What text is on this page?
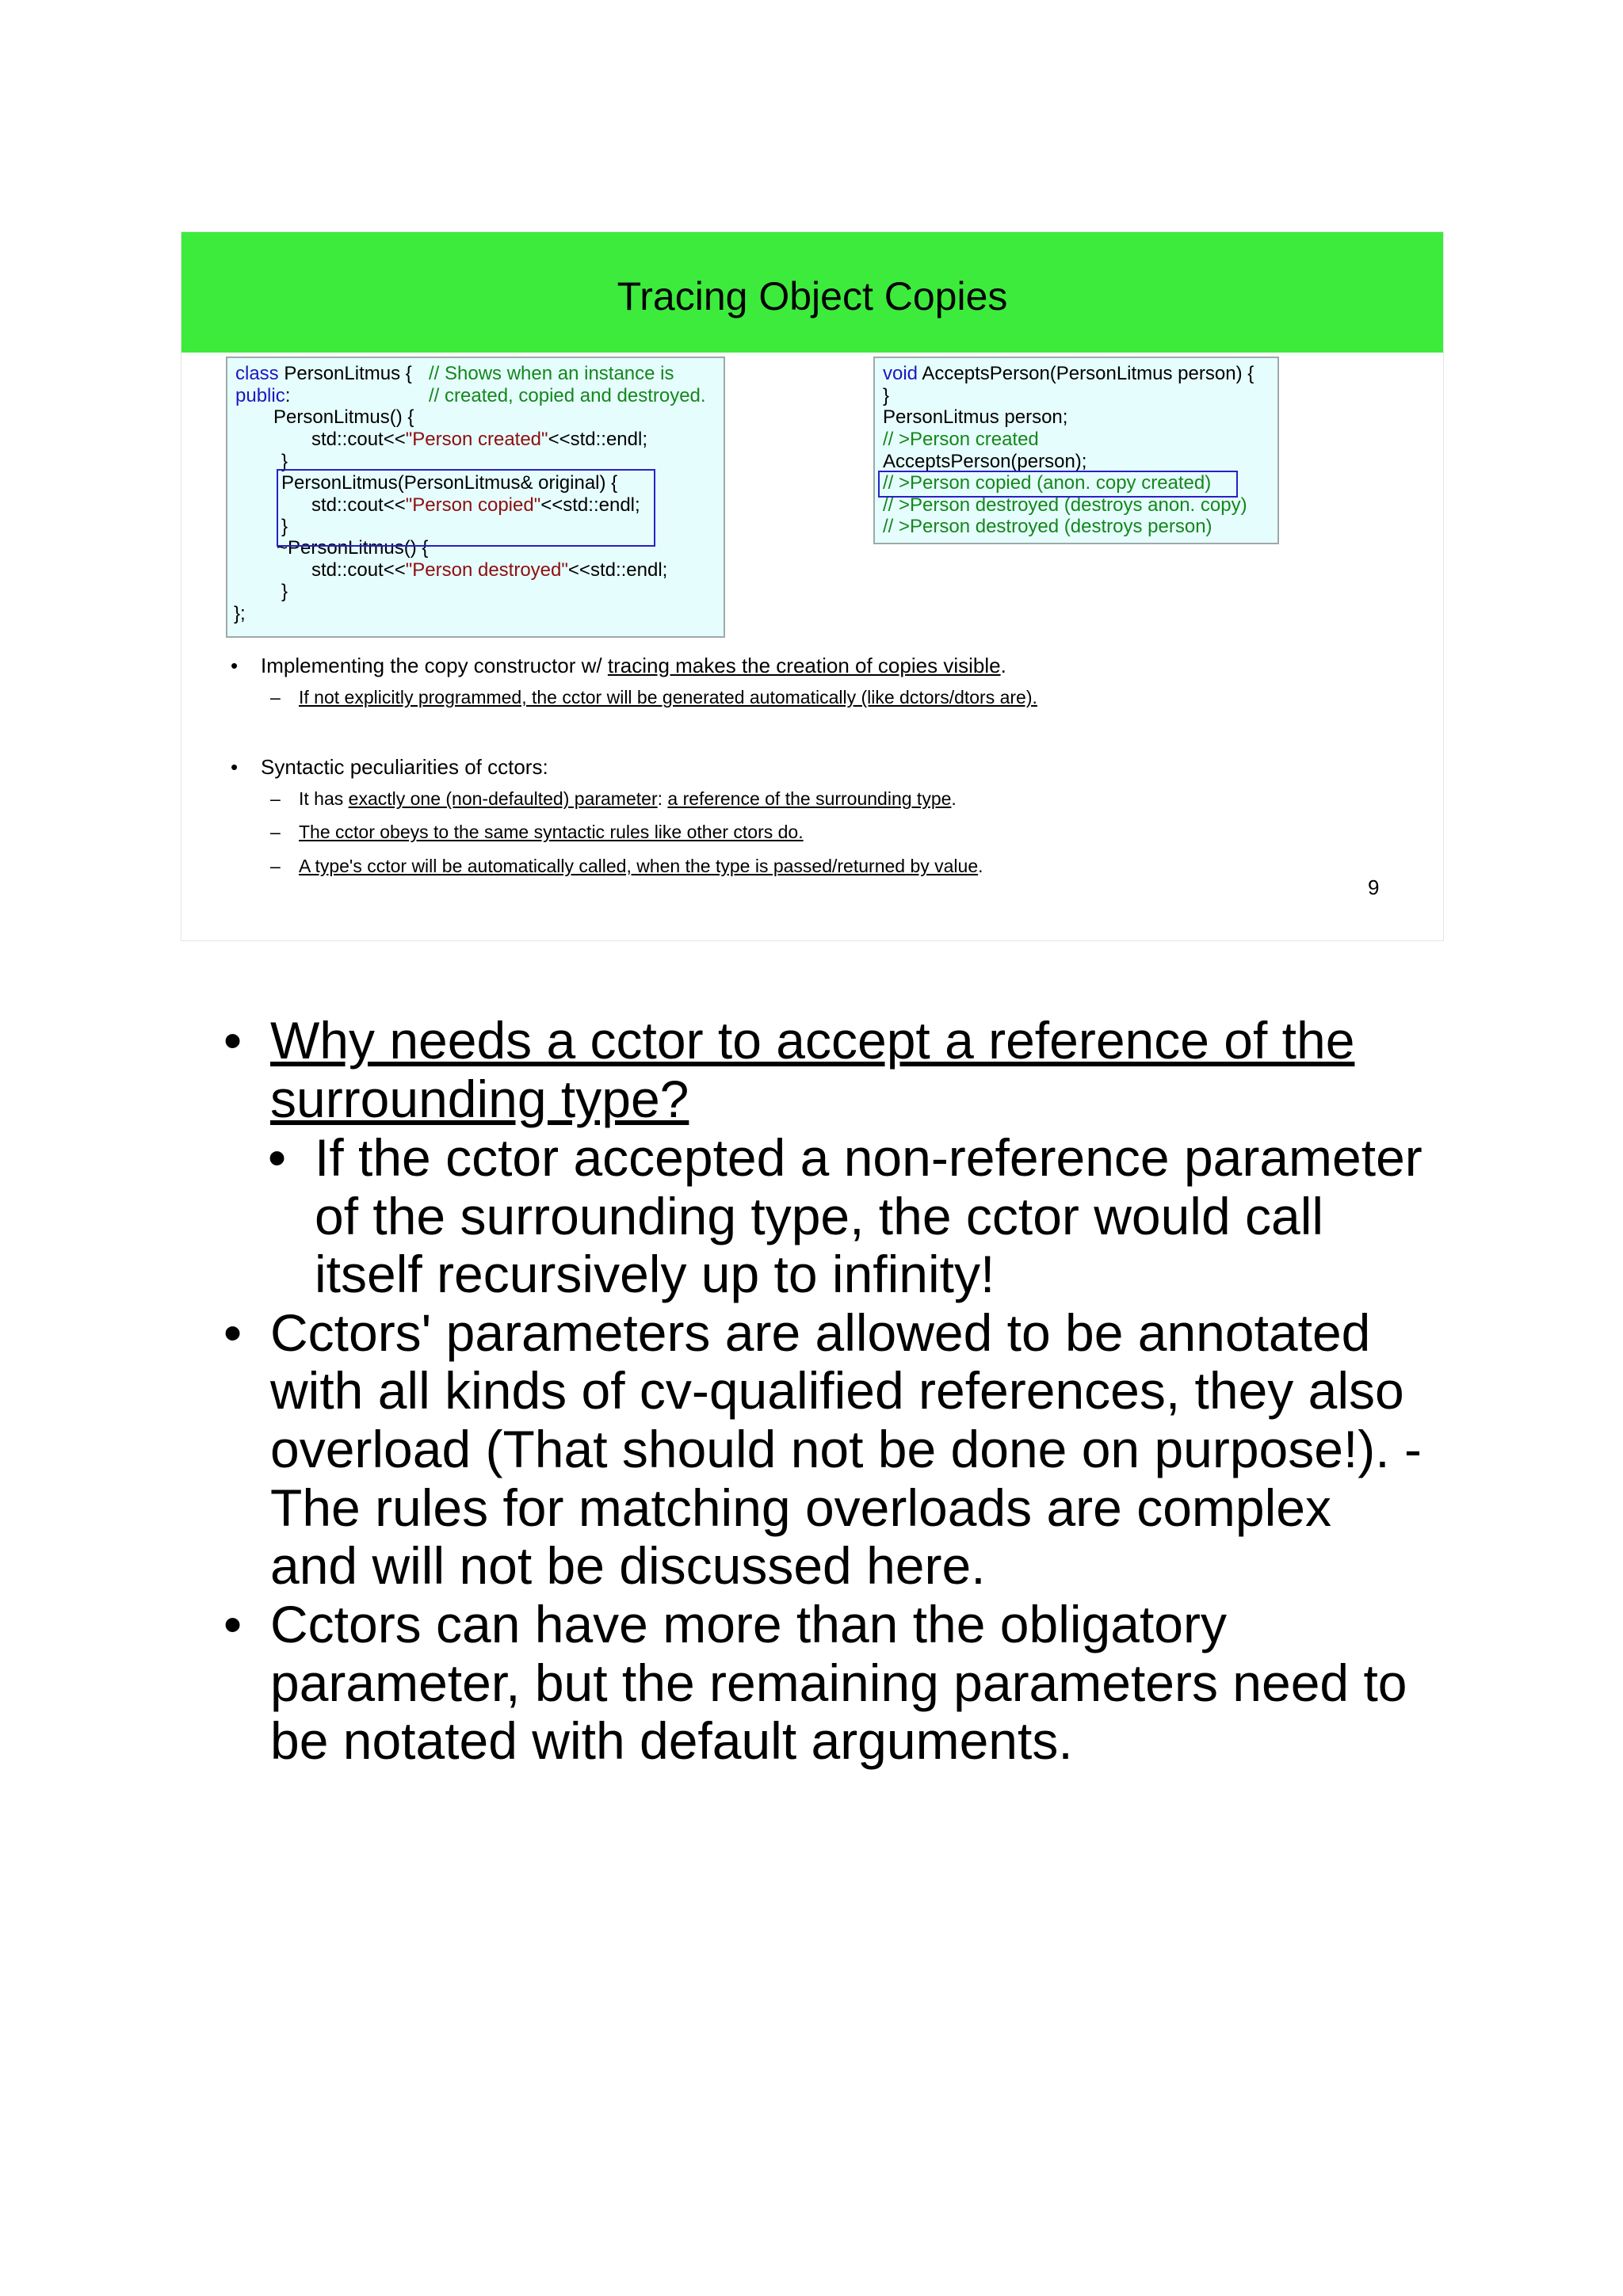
Tracing Object Copies
class PersonLitmus { // Shows when an instance is
public:	// created, copied and destroyed.
PersonLitmus() {
std::cout<<"Person created"<<std::endl;
}
PersonLitmus(PersonLitmus& original) {
std::cout<<"Person copied"<<std::endl;
}
~PersonLitmus() {
std::cout<<"Person destroyed"<<std::endl;
}
};
void AcceptsPerson(PersonLitmus person) {
}
PersonLitmus person;
// >Person created
AcceptsPerson(person);
// >Person copied (anon. copy created)
// >Person destroyed (destroys anon. copy)
// >Person destroyed (destroys person)
• Implementing the copy constructor w/ tracing makes the creation of copies visible.
– If not explicitly programmed, the cctor will be generated automatically (like dctors/dtors are).
• Syntactic peculiarities of cctors:
– It has exactly one (non-defaulted) parameter: a reference of the surrounding type.
– The cctor obeys to the same syntactic rules like other ctors do.
– A type's cctor will be automatically called, when the type is passed/returned by value.
9
• Why needs a cctor to accept a reference of the
surrounding type?
• If the cctor accepted a non-reference parameter
of the surrounding type, the cctor would call
itself recursively up to infinity!
• Cctors' parameters are allowed to be annotated
with all kinds of cv-qualified references, they also
overload (That should not be done on purpose!). -
The rules for matching overloads are complex
and will not be discussed here.
• Cctors can have more than the obligatory
parameter, but the remaining parameters need to
be notated with default arguments.
